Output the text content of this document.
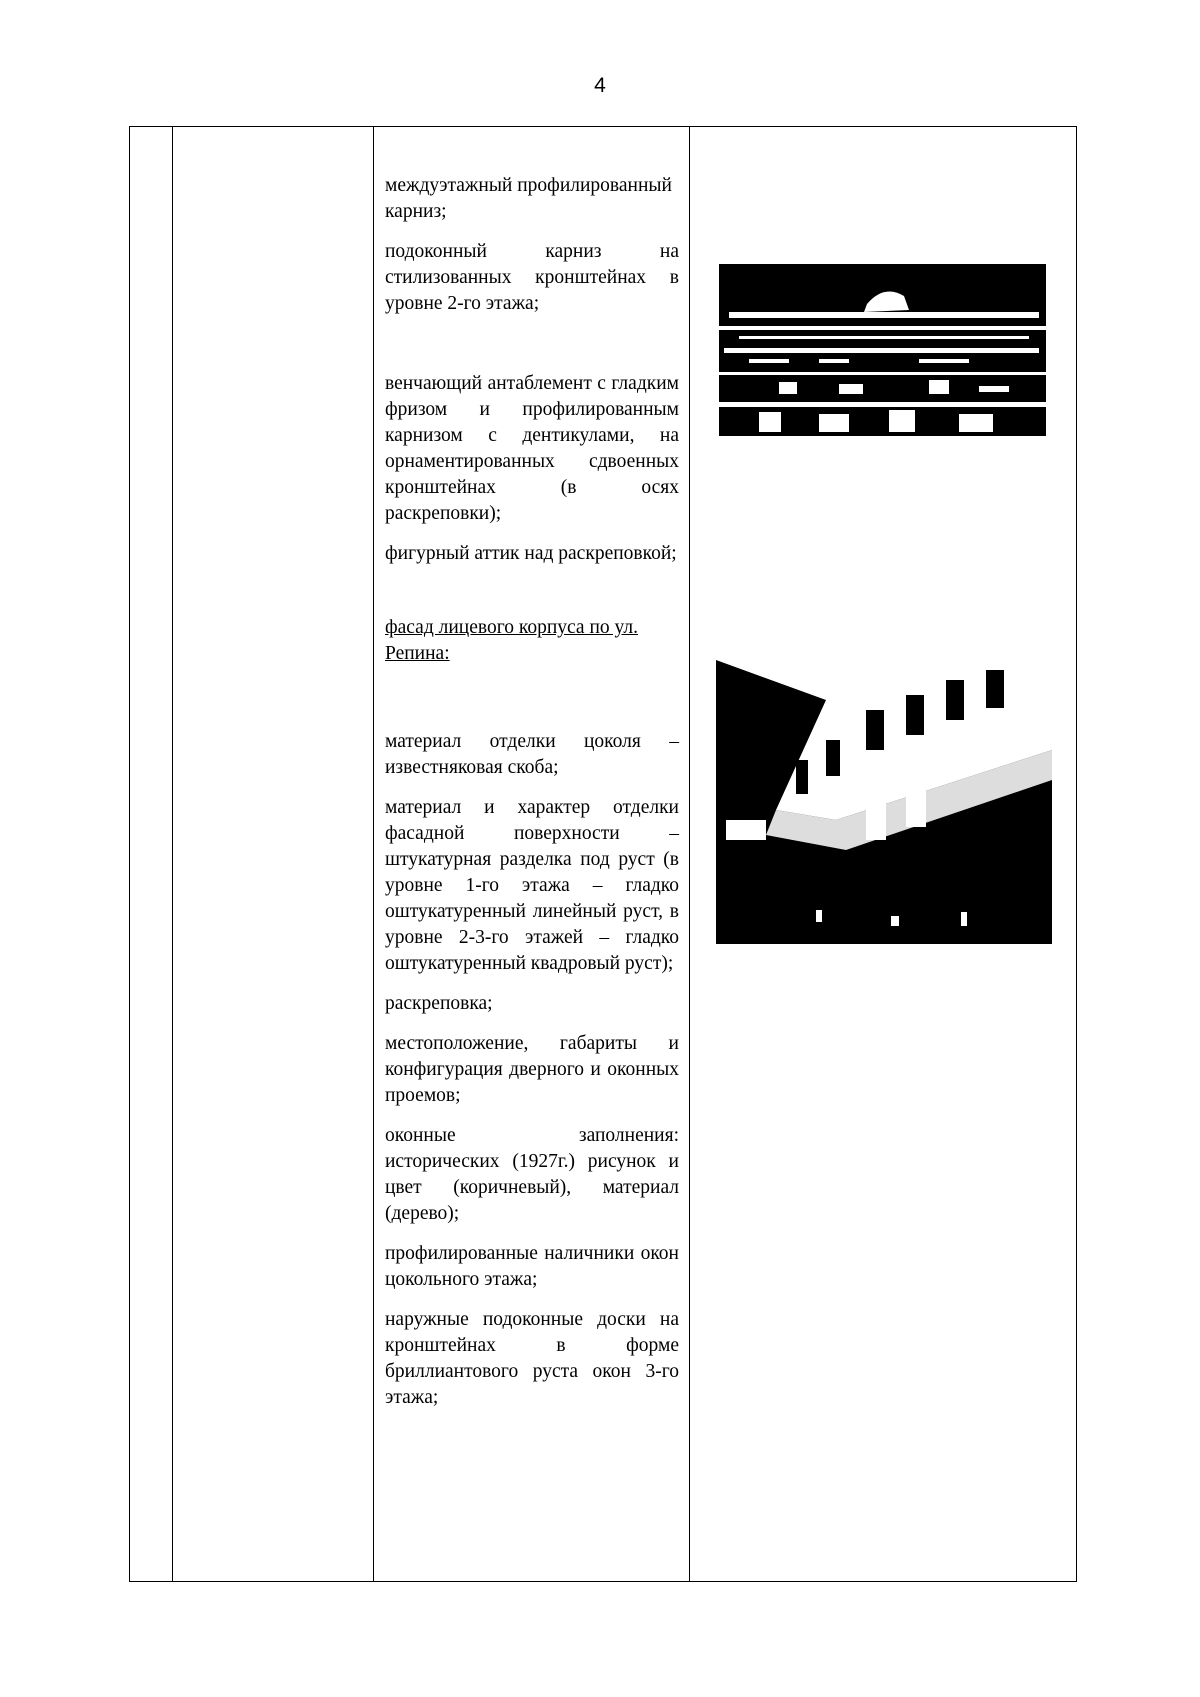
4

междуэтажный профилированный карниз;

подоконный карниз на стилизованных кронштейнах в уровне 2-го этажа;

венчающий антаблемент с гладким фризом и профилированным карнизом с дентикулами, на орнаментированных сдвоенных кронштейнах (в осях раскреповки);

фигурный аттик над раскреповкой;

фасад лицевого корпуса по ул. Репина:

материал отделки цоколя – известняковая скоба;

материал и характер отделки фасадной поверхности – штукатурная разделка под руст (в уровне 1-го этажа – гладко оштукатуренный линейный руст, в уровне 2-3-го этажей – гладко оштукатуренный квадровый руст);

раскреповка;

местоположение, габариты и конфигурация дверного и оконных проемов;

оконные заполнения: исторических (1927г.) рисунок и цвет (коричневый), материал (дерево);

профилированные наличники окон цокольного этажа;

наружные подоконные доски на кронштейнах в форме бриллиантового руста окон 3-го этажа;
